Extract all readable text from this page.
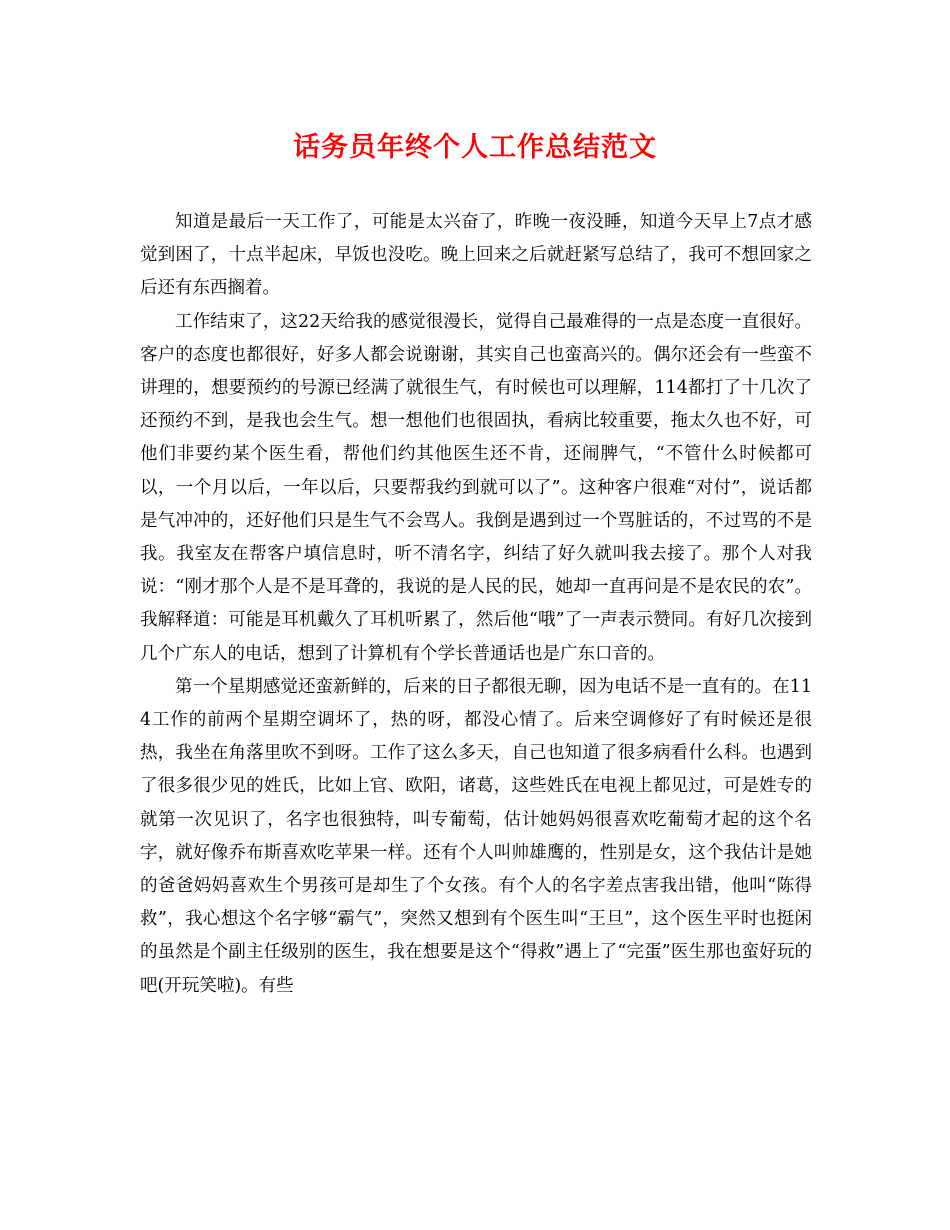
话务员年终个人工作总结范文

知道是最后一天工作了，可能是太兴奋了，昨晚一夜没睡，知道今天早上7点才感觉到困了，十点半起床，早饭也没吃。晚上回来之后就赶紧写总结了，我可不想回家之后还有东西搁着。

工作结束了，这22天给我的感觉很漫长，觉得自己最难得的一点是态度一直很好。客户的态度也都很好，好多人都会说谢谢，其实自己也蛮高兴的。偶尔还会有一些蛮不讲理的，想要预约的号源已经满了就很生气，有时候也可以理解，114都打了十几次了还预约不到，是我也会生气。想一想他们也很固执，看病比较重要，拖太久也不好，可他们非要约某个医生看，帮他们约其他医生还不肯，还闹脾气，“不管什么时候都可以，一个月以后，一年以后，只要帮我约到就可以了”。这种客户很难“对付”，说话都是气冲冲的，还好他们只是生气不会骂人。我倒是遇到过一个骂脏话的，不过骂的不是我。我室友在帮客户填信息时，听不清名字，纠结了好久就叫我去接了。那个人对我说：“刚才那个人是不是耳聋的，我说的是人民的民，她却一直再问是不是农民的农”。我解释道：可能是耳机戴久了耳机听累了，然后他“哦”了一声表示赞同。有好几次接到几个广东人的电话，想到了计算机有个学长普通话也是广东口音的。

第一个星期感觉还蛮新鲜的，后来的日子都很无聊，因为电话不是一直有的。在114工作的前两个星期空调坏了，热的呀，都没心情了。后来空调修好了有时候还是很热，我坐在角落里吹不到呀。工作了这么多天，自己也知道了很多病看什么科。也遇到了很多很少见的姓氏，比如上官、欧阳，诸葛，这些姓氏在电视上都见过，可是姓专的就第一次见识了，名字也很独特，叫专葡萄，估计她妈妈很喜欢吃葡萄才起的这个名字，就好像乔布斯喜欢吃苹果一样。还有个人叫帅雄鹰的，性别是女，这个我估计是她的爸爸妈妈喜欢生个男孩可是却生了个女孩。有个人的名字差点害我出错，他叫“陈得救”，我心想这个名字够“霸气”，突然又想到有个医生叫“王旦”，这个医生平时也挺闲的虽然是个副主任级别的医生，我在想要是这个“得救”遇上了“完蛋”医生那也蛮好玩的吧(开玩笑啦)。有些
